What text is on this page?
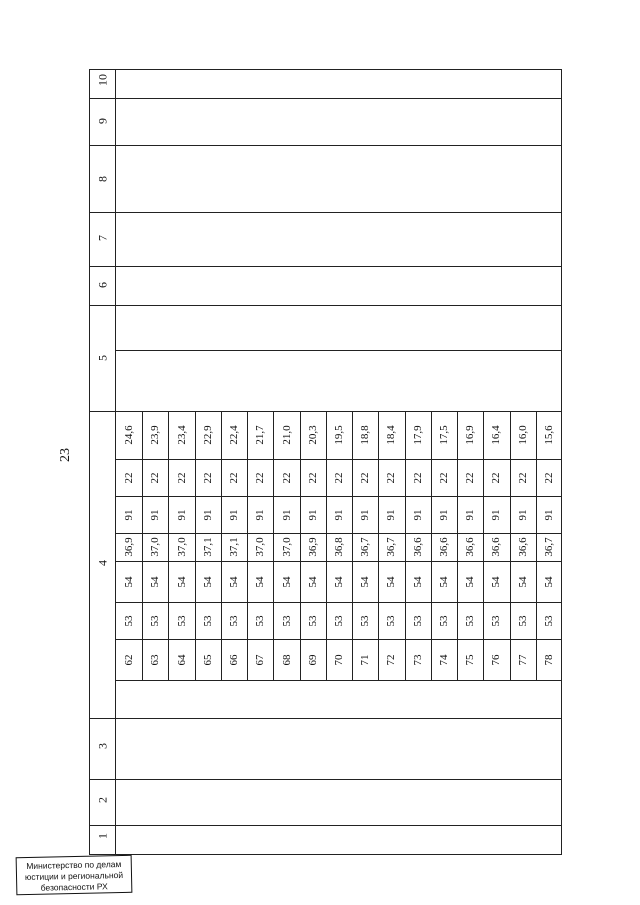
23
1
2
3
4
5
6
7
8
9
10
62
53
54
36,9
91
22
24,6
63
53
54
37,0
91
22
23,9
64
53
54
37,0
91
22
23,4
65
53
54
37,1
91
22
22,9
66
53
54
37,1
91
22
22,4
67
53
54
37,0
91
22
21,7
68
53
54
37,0
91
22
21,0
69
53
54
36,9
91
22
20,3
70
53
54
36,8
91
22
19,5
71
53
54
36,7
91
22
18,8
72
53
54
36,7
91
22
18,4
73
53
54
36,6
91
22
17,9
74
53
54
36,6
91
22
17,5
75
53
54
36,6
91
22
16,9
76
53
54
36,6
91
22
16,4
77
53
54
36,6
91
22
16,0
78
53
54
36,7
91
22
15,6
Министерство по делам
юстиции и региональной
безопасности РХ
